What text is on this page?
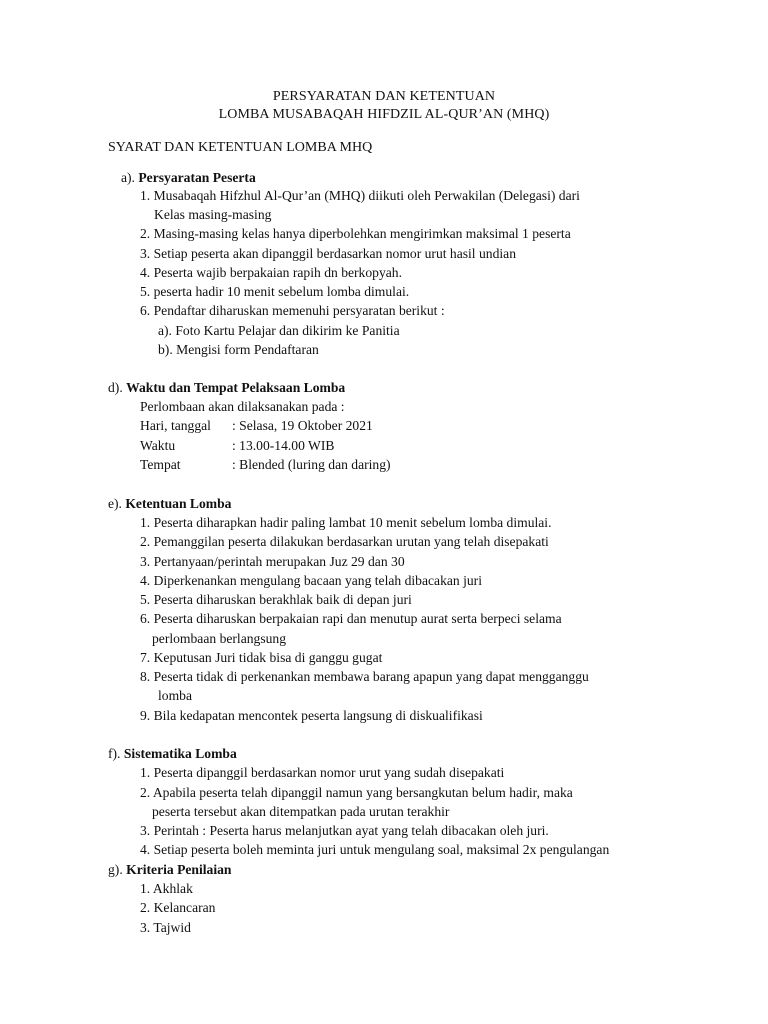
PERSYARATAN DAN KETENTUAN
LOMBA MUSABAQAH HIFDZIL AL-QUR’AN (MHQ)
SYARAT DAN KETENTUAN LOMBA MHQ
a). Persyaratan Peserta
1. Musabaqah Hifzhul Al-Qur’an (MHQ) diikuti oleh Perwakilan (Delegasi) dari
Kelas masing-masing
2. Masing-masing kelas hanya diperbolehkan mengirimkan maksimal 1 peserta
3. Setiap peserta akan dipanggil berdasarkan nomor urut hasil undian
4. Peserta wajib berpakaian rapih dn berkopyah.
5. peserta hadir 10 menit sebelum lomba dimulai.
6. Pendaftar diharuskan memenuhi persyaratan berikut :
a). Foto Kartu Pelajar dan dikirim ke Panitia
b). Mengisi form Pendaftaran
d). Waktu dan Tempat Pelaksaan Lomba
Perlombaan akan dilaksanakan pada :
Hari, tanggal : Selasa, 19 Oktober 2021
Waktu	: 13.00-14.00 WIB
Tempat	: Blended (luring dan daring)
e). Ketentuan Lomba
1. Peserta diharapkan hadir paling lambat 10 menit sebelum lomba dimulai.
2. Pemanggilan peserta dilakukan berdasarkan urutan yang telah disepakati
3. Pertanyaan/perintah merupakan Juz 29 dan 30
4. Diperkenankan mengulang bacaan yang telah dibacakan juri
5. Peserta diharuskan berakhlak baik di depan juri
6. Peserta diharuskan berpakaian rapi dan menutup aurat serta berpeci selama
perlombaan berlangsung
7. Keputusan Juri tidak bisa di ganggu gugat
8. Peserta tidak di perkenankan membawa barang apapun yang dapat mengganggu
lomba
9. Bila kedapatan mencontek peserta langsung di diskualifikasi
f). Sistematika Lomba
1. Peserta dipanggil berdasarkan nomor urut yang sudah disepakati
2. Apabila peserta telah dipanggil namun yang bersangkutan belum hadir, maka
peserta tersebut akan ditempatkan pada urutan terakhir
3. Perintah : Peserta harus melanjutkan ayat yang telah dibacakan oleh juri.
4. Setiap peserta boleh meminta juri untuk mengulang soal, maksimal 2x pengulangan
g). Kriteria Penilaian
1. Akhlak
2. Kelancaran
3. Tajwid
